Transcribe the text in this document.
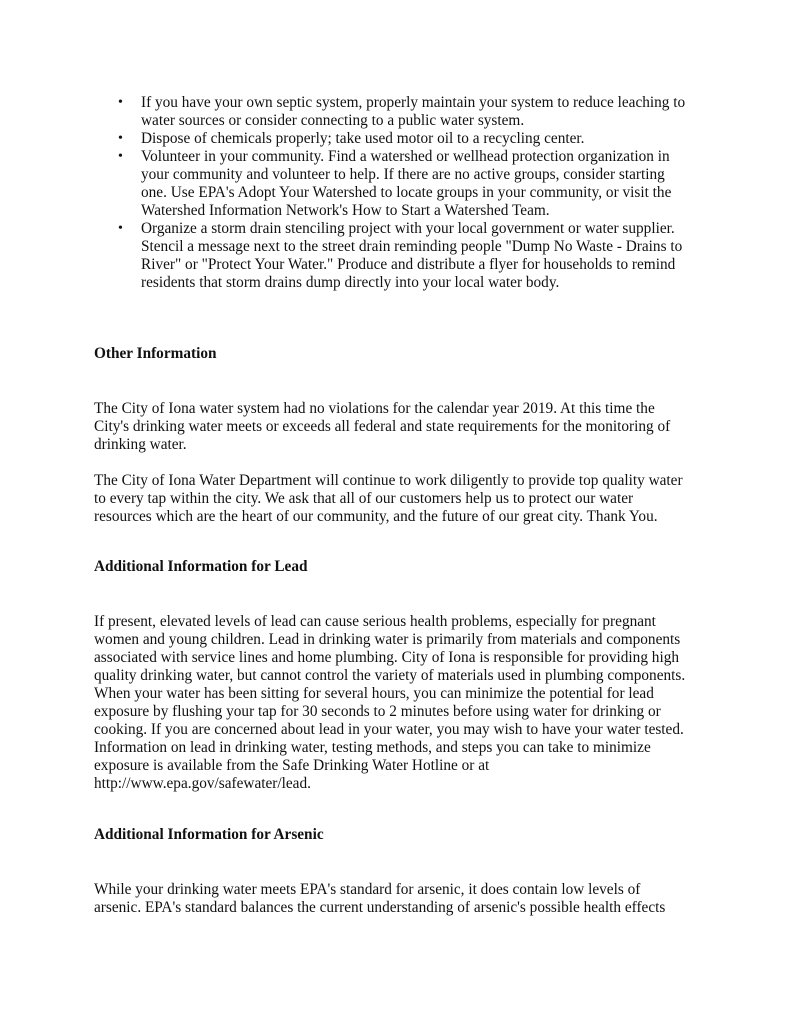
• If you have your own septic system, properly maintain your system to reduce leaching to
water sources or consider connecting to a public water system.
• Dispose of chemicals properly; take used motor oil to a recycling center.
• Volunteer in your community. Find a watershed or wellhead protection organization in
your community and volunteer to help. If there are no active groups, consider starting
one. Use EPA's Adopt Your Watershed to locate groups in your community, or visit the
Watershed Information Network's How to Start a Watershed Team.
• Organize a storm drain stenciling project with your local government or water supplier.
Stencil a message next to the street drain reminding people "Dump No Waste - Drains to
River" or "Protect Your Water." Produce and distribute a flyer for households to remind
residents that storm drains dump directly into your local water body.
Other Information
The City of Iona water system had no violations for the calendar year 2019. At this time the
City's drinking water meets or exceeds all federal and state requirements for the monitoring of
drinking water.
The City of Iona Water Department will continue to work diligently to provide top quality water
to every tap within the city. We ask that all of our customers help us to protect our water
resources which are the heart of our community, and the future of our great city. Thank You.
Additional Information for Lead
If present, elevated levels of lead can cause serious health problems, especially for pregnant
women and young children. Lead in drinking water is primarily from materials and components
associated with service lines and home plumbing. City of Iona is responsible for providing high
quality drinking water, but cannot control the variety of materials used in plumbing components.
When your water has been sitting for several hours, you can minimize the potential for lead
exposure by flushing your tap for 30 seconds to 2 minutes before using water for drinking or
cooking. If you are concerned about lead in your water, you may wish to have your water tested.
Information on lead in drinking water, testing methods, and steps you can take to minimize
exposure is available from the Safe Drinking Water Hotline or at
http://www.epa.gov/safewater/lead.
Additional Information for Arsenic
While your drinking water meets EPA's standard for arsenic, it does contain low levels of
arsenic. EPA's standard balances the current understanding of arsenic's possible health effects
